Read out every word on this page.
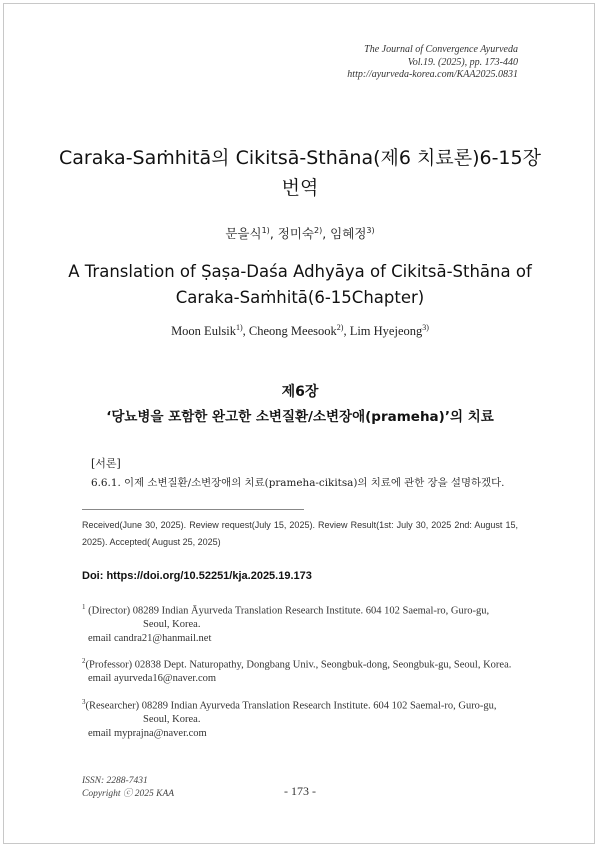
The Journal of Convergence Ayurveda
Vol.19. (2025), pp. 173-440
http://ayurveda-korea.com/KAA2025.0831
Caraka-Saṁhitā의 Cikitsā-Sthāna(제6 치료론)6-15장
번역
문을식$^{1)}$, 정미숙$^{2)}$, 임혜정$^{3)}$
A Translation of Ṣaṣa-Daśa Adhyāya of Cikitsā-Sthāna of
Caraka-Saṁhitā(6-15Chapter)
Moon Eulsik$^{1)}$, Cheong Meesook$^{2)}$, Lim Hyejeong$^{3)}$
제6장
‘당뇨병을 포함한 완고한 소변질환/소변장애(prameha)’의 치료
[서론]
6.6.1. 이제 소변질환/소변장애의 치료(prameha-cikitsa)의 치료에 관한 장을 설명하겠다.
Received(June 30, 2025). Review request(July 15, 2025). Review Result(1st: July 30, 2025 2nd: August 15, 2025). Accepted( August 25, 2025)
Doi: https://doi.org/10.52251/kja.2025.19.173
$^1$ (Director) 08289 Indian Āyurveda Translation Research Institute. 604 102 Saemal-ro, Guro-gu,
Seoul, Korea.
email candra21@hanmail.net
$^2$(Professor) 02838 Dept. Naturopathy, Dongbang Univ., Seongbuk-dong, Seongbuk-gu, Seoul, Korea.
email ayurveda16@naver.com
$^3$(Researcher) 08289 Indian Ayurveda Translation Research Institute. 604 102 Saemal-ro, Guro-gu,
Seoul, Korea.
email myprajna@naver.com
ISSN: 2288-7431
Copyright ⓒ 2025 KAA	- 173 -
